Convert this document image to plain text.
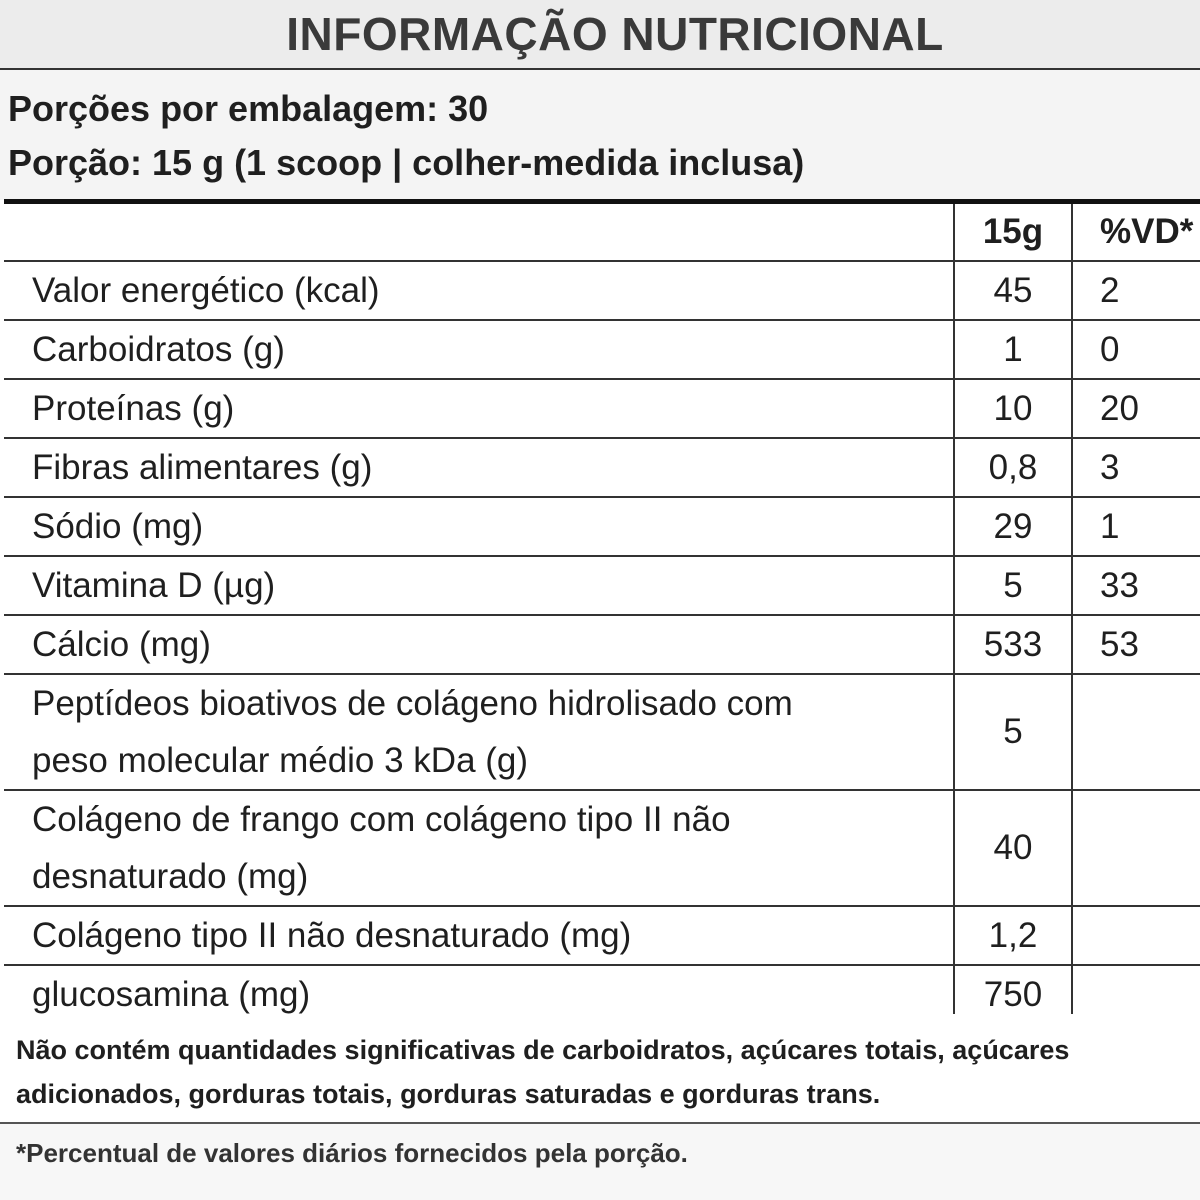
INFORMAÇÃO NUTRICIONAL
Porções por embalagem: 30
Porção: 15 g (1 scoop | colher-medida inclusa)
	15g	%VD*
Valor energético (kcal)	45	2
Carboidratos (g)	1	0
Proteínas (g)	10	20
Fibras alimentares (g)	0,8	3
Sódio (mg)	29	1
Vitamina D (µg)	5	33
Cálcio (mg)	533	53

Peptídeos bioativos de colágeno hidrolisado com
peso molecular médio 3 kDa (g)	5	

Colágeno de frango com colágeno tipo II não
desnaturado (mg)	40	
Colágeno tipo II não desnaturado (mg)	1,2	
glucosamina (mg)	750	
Não contém quantidades significativas de carboidratos, açúcares totais, açúcares adicionados, gorduras totais, gorduras saturadas e gorduras trans.
*Percentual de valores diários fornecidos pela porção.
